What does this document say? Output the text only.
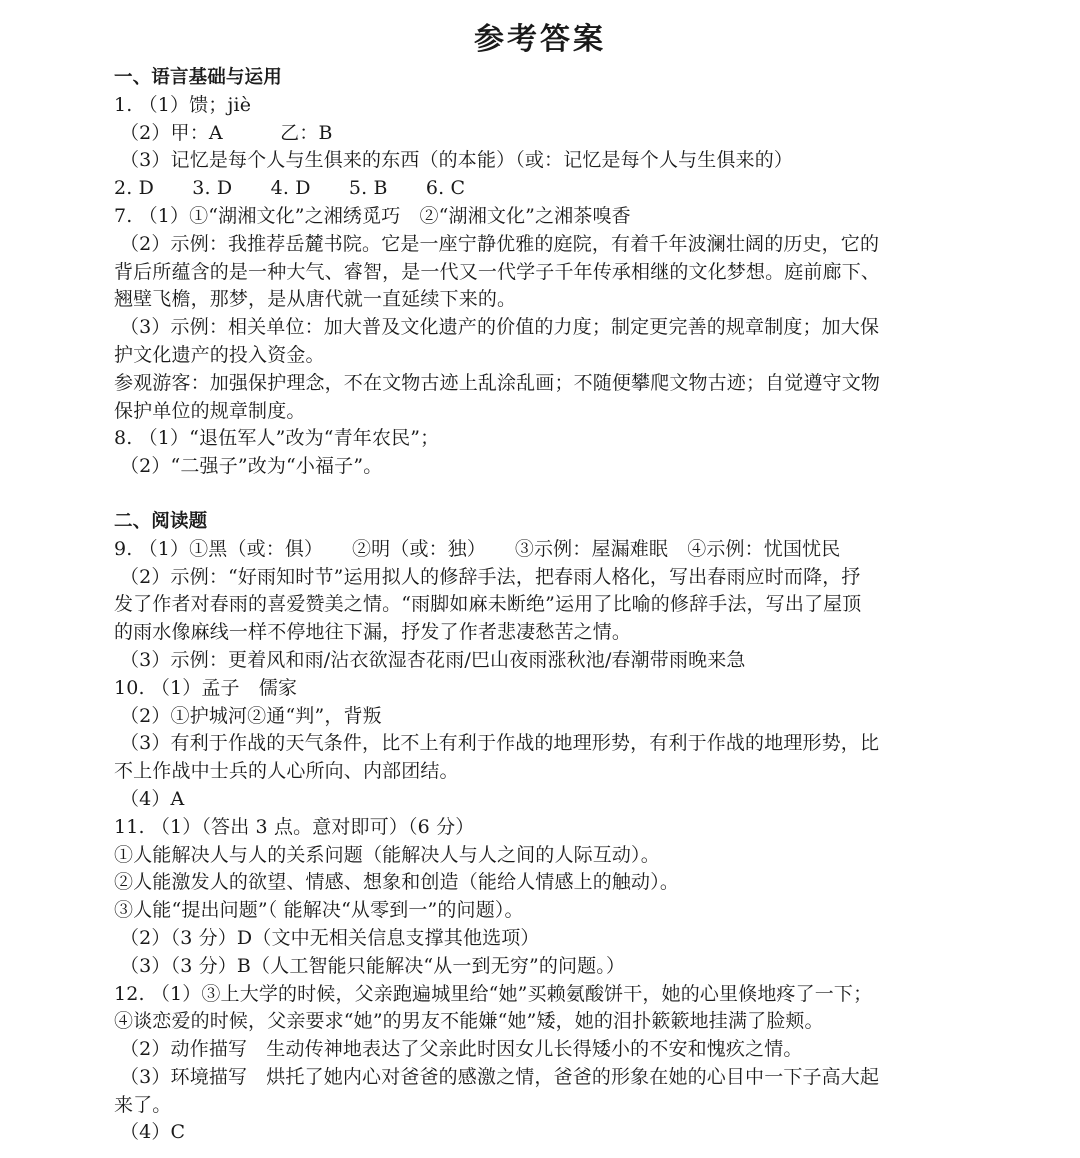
参考答案
一、语言基础与运用
1. （1）馈；jiè
（2）甲：A　　　乙：B
（3）记忆是每个人与生俱来的东西（的本能）（或：记忆是每个人与生俱来的）
2. D　　3. D　　4. D　　5. B　　6. C
7. （1）①“湖湘文化”之湘绣觅巧　②“湖湘文化”之湘茶嗅香
（2）示例：我推荐岳麓书院。它是一座宁静优雅的庭院，有着千年波澜壮阔的历史，它的
背后所蕴含的是一种大气、睿智，是一代又一代学子千年传承相继的文化梦想。庭前廊下、
翘壁飞檐，那梦，是从唐代就一直延续下来的。
（3）示例：相关单位：加大普及文化遗产的价值的力度；制定更完善的规章制度；加大保
护文化遗产的投入资金。
参观游客：加强保护理念，不在文物古迹上乱涂乱画；不随便攀爬文物古迹；自觉遵守文物
保护单位的规章制度。
8. （1）“退伍军人”改为“青年农民”；
（2）“二强子”改为“小福子”。
二、阅读题
9. （1）①黑（或：俱）　　②明（或：独）　　③示例：屋漏难眠　④示例：忧国忧民
（2）示例：“好雨知时节”运用拟人的修辞手法，把春雨人格化，写出春雨应时而降，抒
发了作者对春雨的喜爱赞美之情。“雨脚如麻未断绝”运用了比喻的修辞手法，写出了屋顶
的雨水像麻线一样不停地往下漏，抒发了作者悲凄愁苦之情。
（3）示例：更着风和雨/沾衣欲湿杏花雨/巴山夜雨涨秋池/春潮带雨晚来急
10. （1）孟子　儒家
（2）①护城河②通“判”，背叛
（3）有利于作战的天气条件，比不上有利于作战的地理形势，有利于作战的地理形势，比
不上作战中士兵的人心所向、内部团结。
（4）A
11. （1）（答出 3 点。意对即可）（6 分）
①人能解决人与人的关系问题（能解决人与人之间的人际互动）。
②人能激发人的欲望、情感、想象和创造（能给人情感上的触动）。
③人能“提出问题”（ 能解决“从零到一”的问题）。
（2）（3 分）D（文中无相关信息支撑其他选项）
（3）（3 分）B（人工智能只能解决“从一到无穷”的问题。）
12. （1）③上大学的时候，父亲跑遍城里给“她”买赖氨酸饼干，她的心里倏地疼了一下；
④谈恋爱的时候，父亲要求“她”的男友不能嫌“她”矮，她的泪扑簌簌地挂满了脸颊。
（2）动作描写　生动传神地表达了父亲此时因女儿长得矮小的不安和愧疚之情。
（3）环境描写　烘托了她内心对爸爸的感激之情，爸爸的形象在她的心目中一下子高大起
来了。
（4）C
